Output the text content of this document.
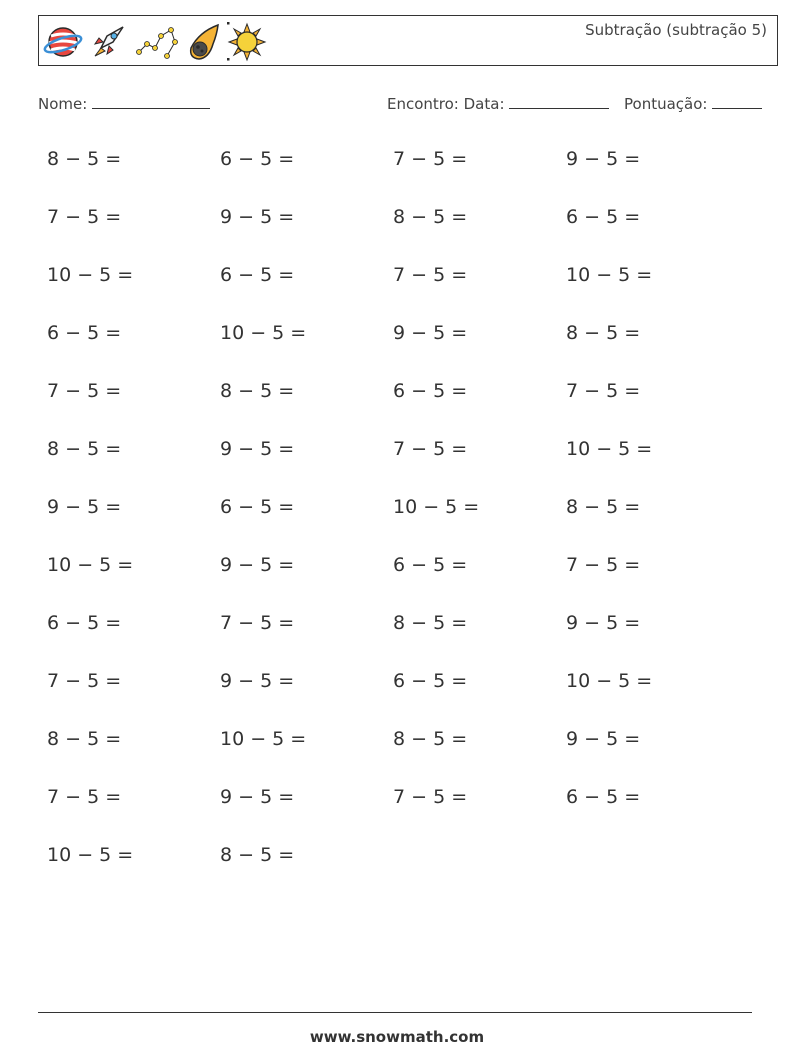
Subtração (subtração 5)
Nome:	Encontro: Data:	Pontuação:
8 − 5 =
7 − 5 =
10 − 5 =
6 − 5 =
7 − 5 =
8 − 5 =
9 − 5 =
10 − 5 =
6 − 5 =
7 − 5 =
8 − 5 =
7 − 5 =
10 − 5 =
6 − 5 =
9 − 5 =
6 − 5 =
10 − 5 =
8 − 5 =
9 − 5 =
6 − 5 =
9 − 5 =
7 − 5 =
9 − 5 =
10 − 5 =
9 − 5 =
8 − 5 =
7 − 5 =
8 − 5 =
7 − 5 =
9 − 5 =
6 − 5 =
7 − 5 =
10 − 5 =
6 − 5 =
8 − 5 =
6 − 5 =
8 − 5 =
7 − 5 =
9 − 5 =
6 − 5 =
10 − 5 =
8 − 5 =
7 − 5 =
10 − 5 =
8 − 5 =
7 − 5 =
9 − 5 =
10 − 5 =
9 − 5 =
6 − 5 =
www.snowmath.com
